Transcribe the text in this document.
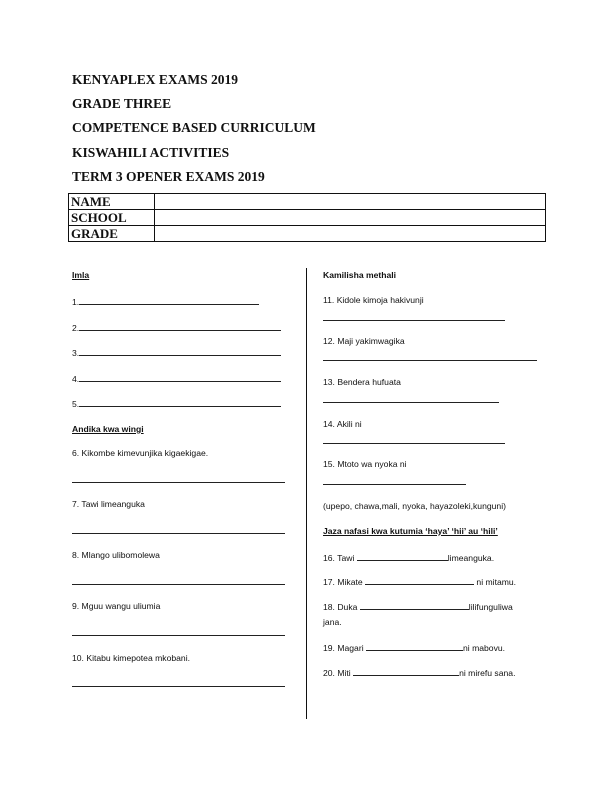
KENYAPLEX EXAMS 2019
GRADE THREE
COMPETENCE BASED CURRICULUM
KISWAHILI ACTIVITIES
TERM 3 OPENER EXAMS 2019
NAME	
SCHOOL	
GRADE	
Imla
1.
2.
3.
4.
5.
Andika kwa wingi
6. Kikombe kimevunjika kigaekigae.
7. Tawi limeanguka
8. Mlango ulibomolewa
9. Mguu wangu uliumia
10. Kitabu kimepotea mkobani.
Kamilisha methali
11. Kidole kimoja hakivunji
12. Maji yakimwagika
13. Bendera hufuata
14. Akili ni
15. Mtoto wa nyoka ni
(upepo, chawa,mali, nyoka, hayazoleki,kunguni)
Jaza nafasi kwa kutumia ‘haya’ ‘hii’ au ‘hili’
16. Tawi	limeanguka.
17. Mikate	ni mitamu.
18. Duka	lilifunguliwa
jana.
19. Magari	ni mabovu.
20. Miti	ni mirefu sana.
